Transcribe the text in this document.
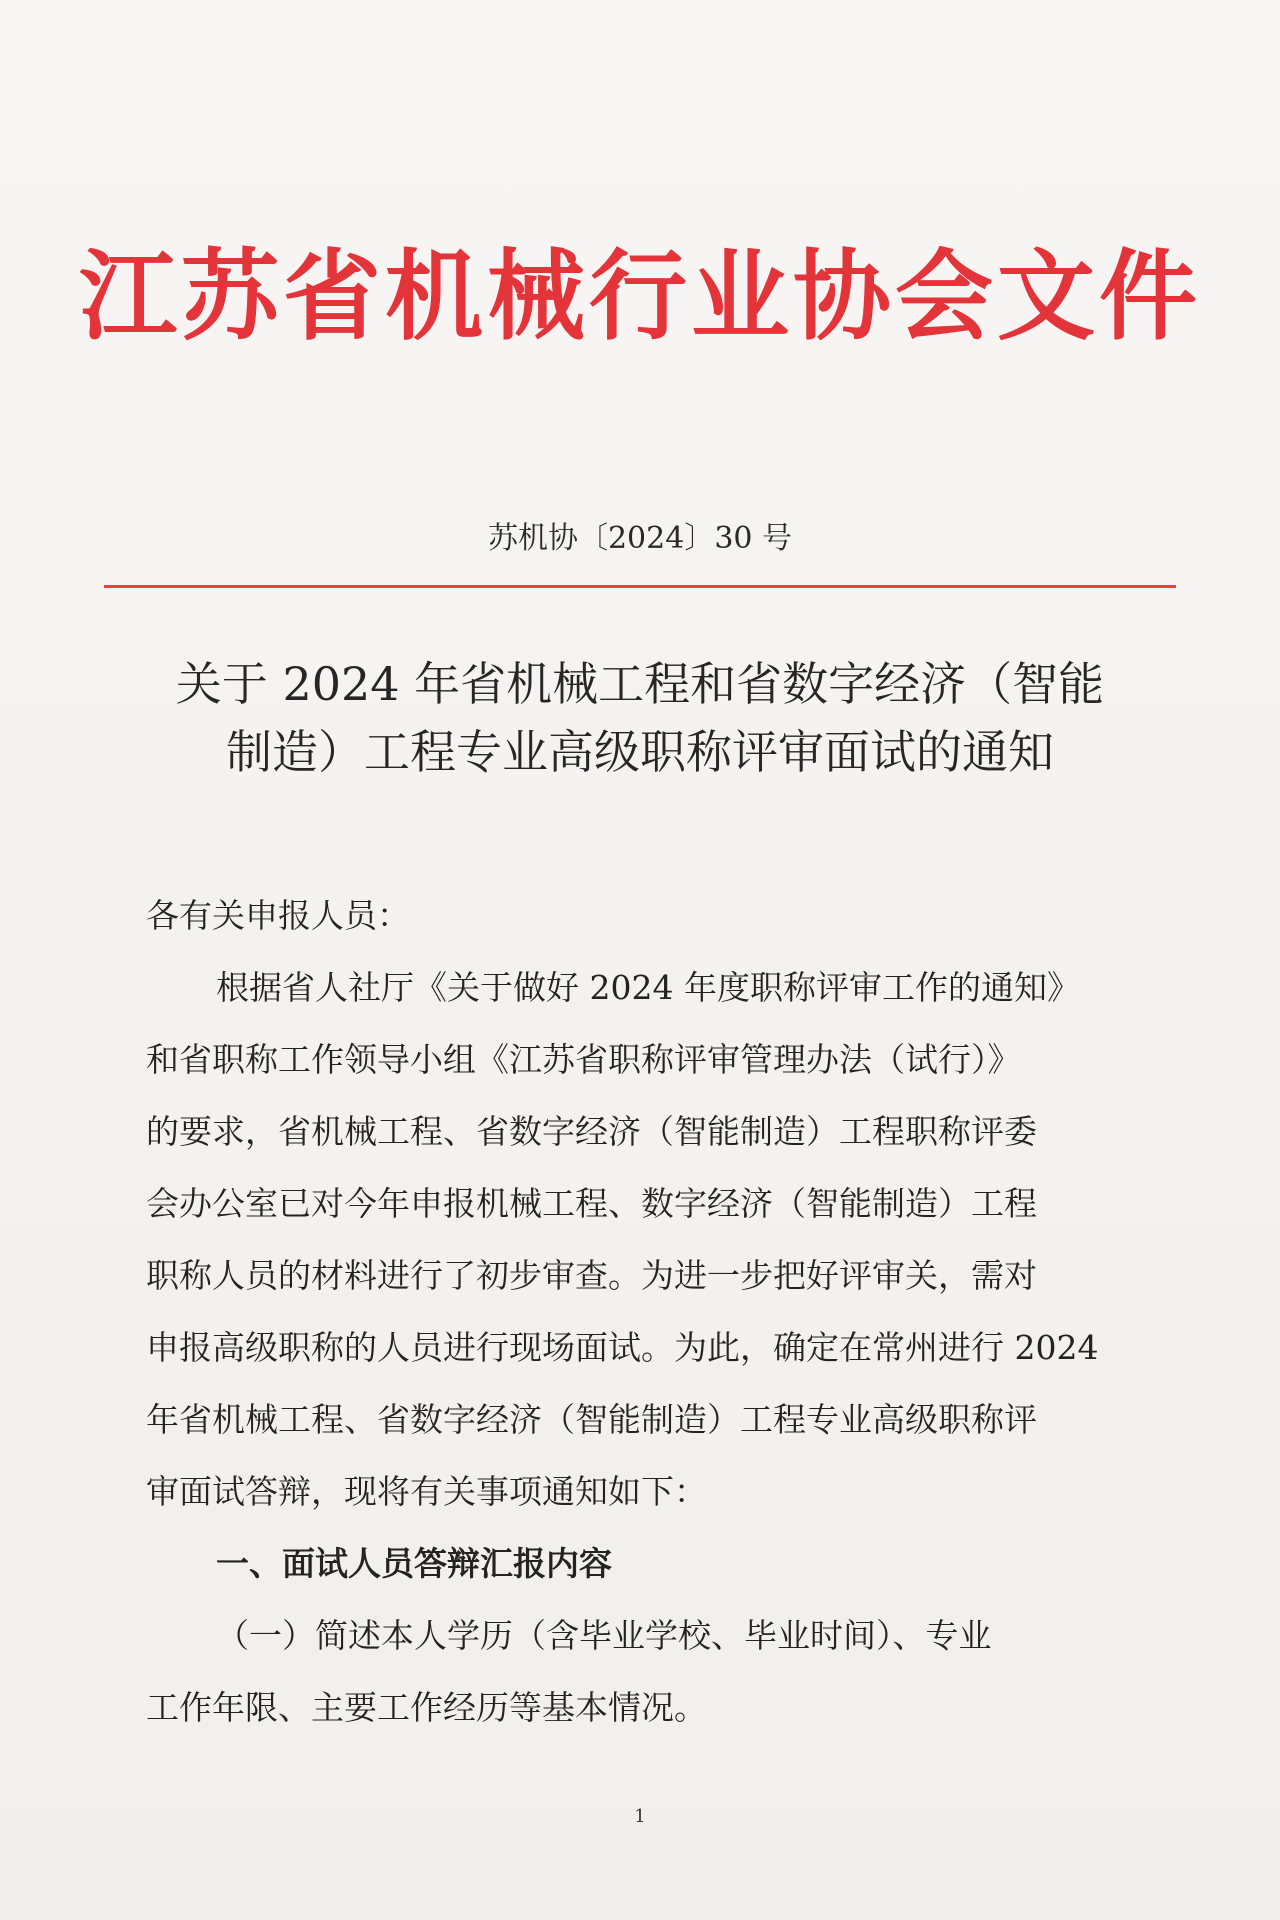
江苏省机械行业协会文件
苏机协〔2024〕30 号
关于 2024 年省机械工程和省数字经济（智能
制造）工程专业高级职称评审面试的通知
各有关申报人员：
根据省人社厅《关于做好 2024 年度职称评审工作的通知》
和省职称工作领导小组《江苏省职称评审管理办法（试行）》
的要求，省机械工程、省数字经济（智能制造）工程职称评委
会办公室已对今年申报机械工程、数字经济（智能制造）工程
职称人员的材料进行了初步审查。为进一步把好评审关，需对
申报高级职称的人员进行现场面试。为此，确定在常州进行 2024
年省机械工程、省数字经济（智能制造）工程专业高级职称评
审面试答辩，现将有关事项通知如下：
一、面试人员答辩汇报内容
（一）简述本人学历（含毕业学校、毕业时间）、专业
工作年限、主要工作经历等基本情况。
1
